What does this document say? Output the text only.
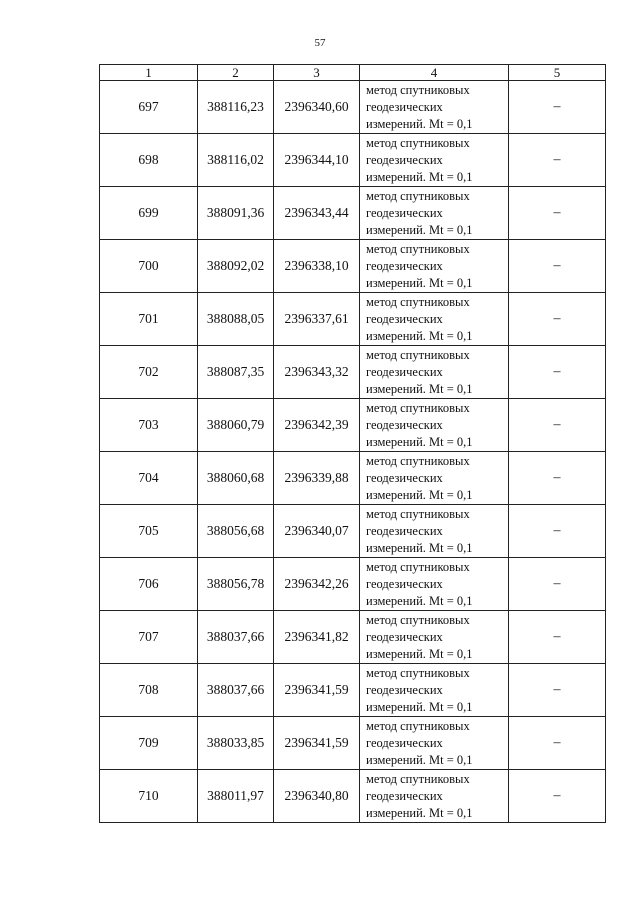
57
1	2	3	4	5
697	388116,23	2396340,60	метод спутниковых
геодезических
измерений. Mt = 0,1	–
698	388116,02	2396344,10	метод спутниковых
геодезических
измерений. Mt = 0,1	–
699	388091,36	2396343,44	метод спутниковых
геодезических
измерений. Mt = 0,1	–
700	388092,02	2396338,10	метод спутниковых
геодезических
измерений. Mt = 0,1	–
701	388088,05	2396337,61	метод спутниковых
геодезических
измерений. Mt = 0,1	–
702	388087,35	2396343,32	метод спутниковых
геодезических
измерений. Mt = 0,1	–
703	388060,79	2396342,39	метод спутниковых
геодезических
измерений. Mt = 0,1	–
704	388060,68	2396339,88	метод спутниковых
геодезических
измерений. Mt = 0,1	–
705	388056,68	2396340,07	метод спутниковых
геодезических
измерений. Mt = 0,1	–
706	388056,78	2396342,26	метод спутниковых
геодезических
измерений. Mt = 0,1	–
707	388037,66	2396341,82	метод спутниковых
геодезических
измерений. Mt = 0,1	–
708	388037,66	2396341,59	метод спутниковых
геодезических
измерений. Mt = 0,1	–
709	388033,85	2396341,59	метод спутниковых
геодезических
измерений. Mt = 0,1	–
710	388011,97	2396340,80	метод спутниковых
геодезических
измерений. Mt = 0,1	–
